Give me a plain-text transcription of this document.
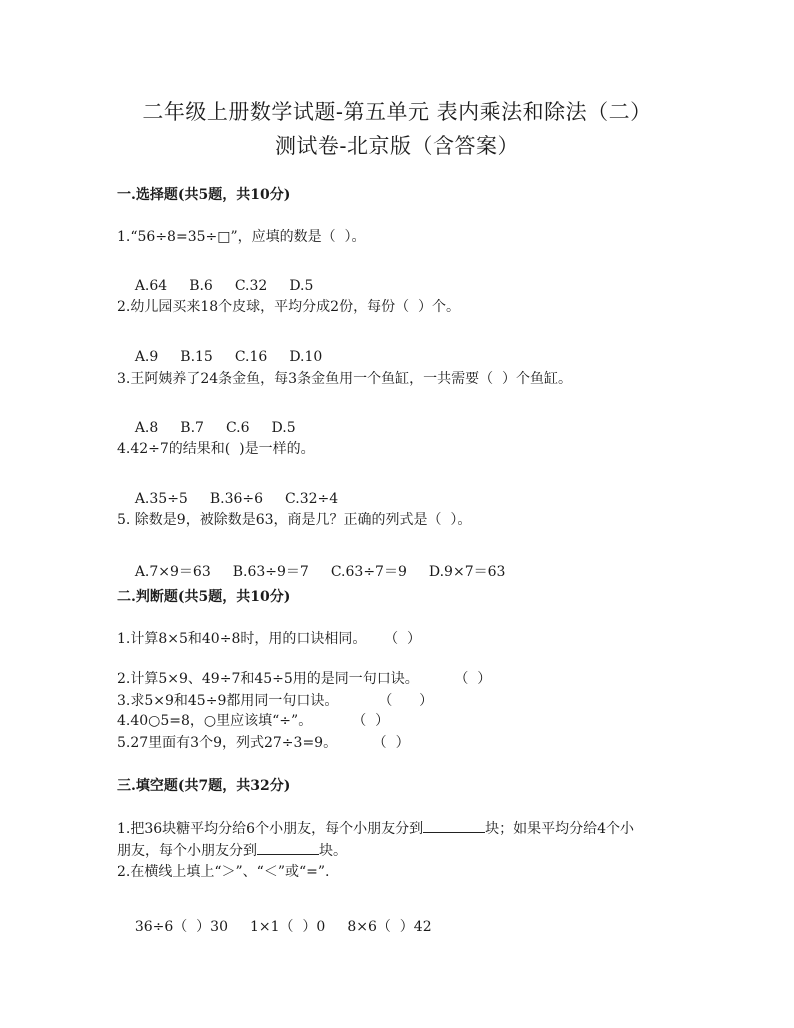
二年级上册数学试题-第五单元 表内乘法和除法（二）
测试卷-北京版（含答案）
一.选择题(共5题，共10分)
1.“56÷8=35÷□”，应填的数是（  ）。

A.64 B.6 C.32 D.5

2.幼儿园买来18个皮球，平均分成2份，每份（  ）个。

A.9 B.15 C.16 D.10

3.王阿姨养了24条金鱼，每3条金鱼用一个鱼缸，一共需要（  ）个鱼缸。

A.8 B.7 C.6 D.5

4.42÷7的结果和(  )是一样的。

A.35÷5 B.36÷6 C.32÷4

5. 除数是9，被除数是63，商是几？正确的列式是（  ）。

A.7×9＝63 B.63÷9＝7 C.63÷7＝9 D.9×7＝63

二.判断题(共5题，共10分)
1.计算8×5和40÷8时，用的口诀相同。    （  ）
2.计算5×9、49÷7和45÷5用的是同一句口诀。        （  ）
3.求5×9和45÷9都用同一句口诀。         （      ）
4.40○5=8，○里应该填“÷”。         （  ）
5.27里面有3个9，列式27÷3=9。        （  ）
三.填空题(共7题，共32分)
1.把36块糖平均分给6个小朋友，每个小朋友分到	块；如果平均分给4个小
朋友，每个小朋友分到	块。
2.在横线上填上“＞”、“＜”或“=”.

36÷6（  ）30 1×1（  ）0 8×6（  ）42
